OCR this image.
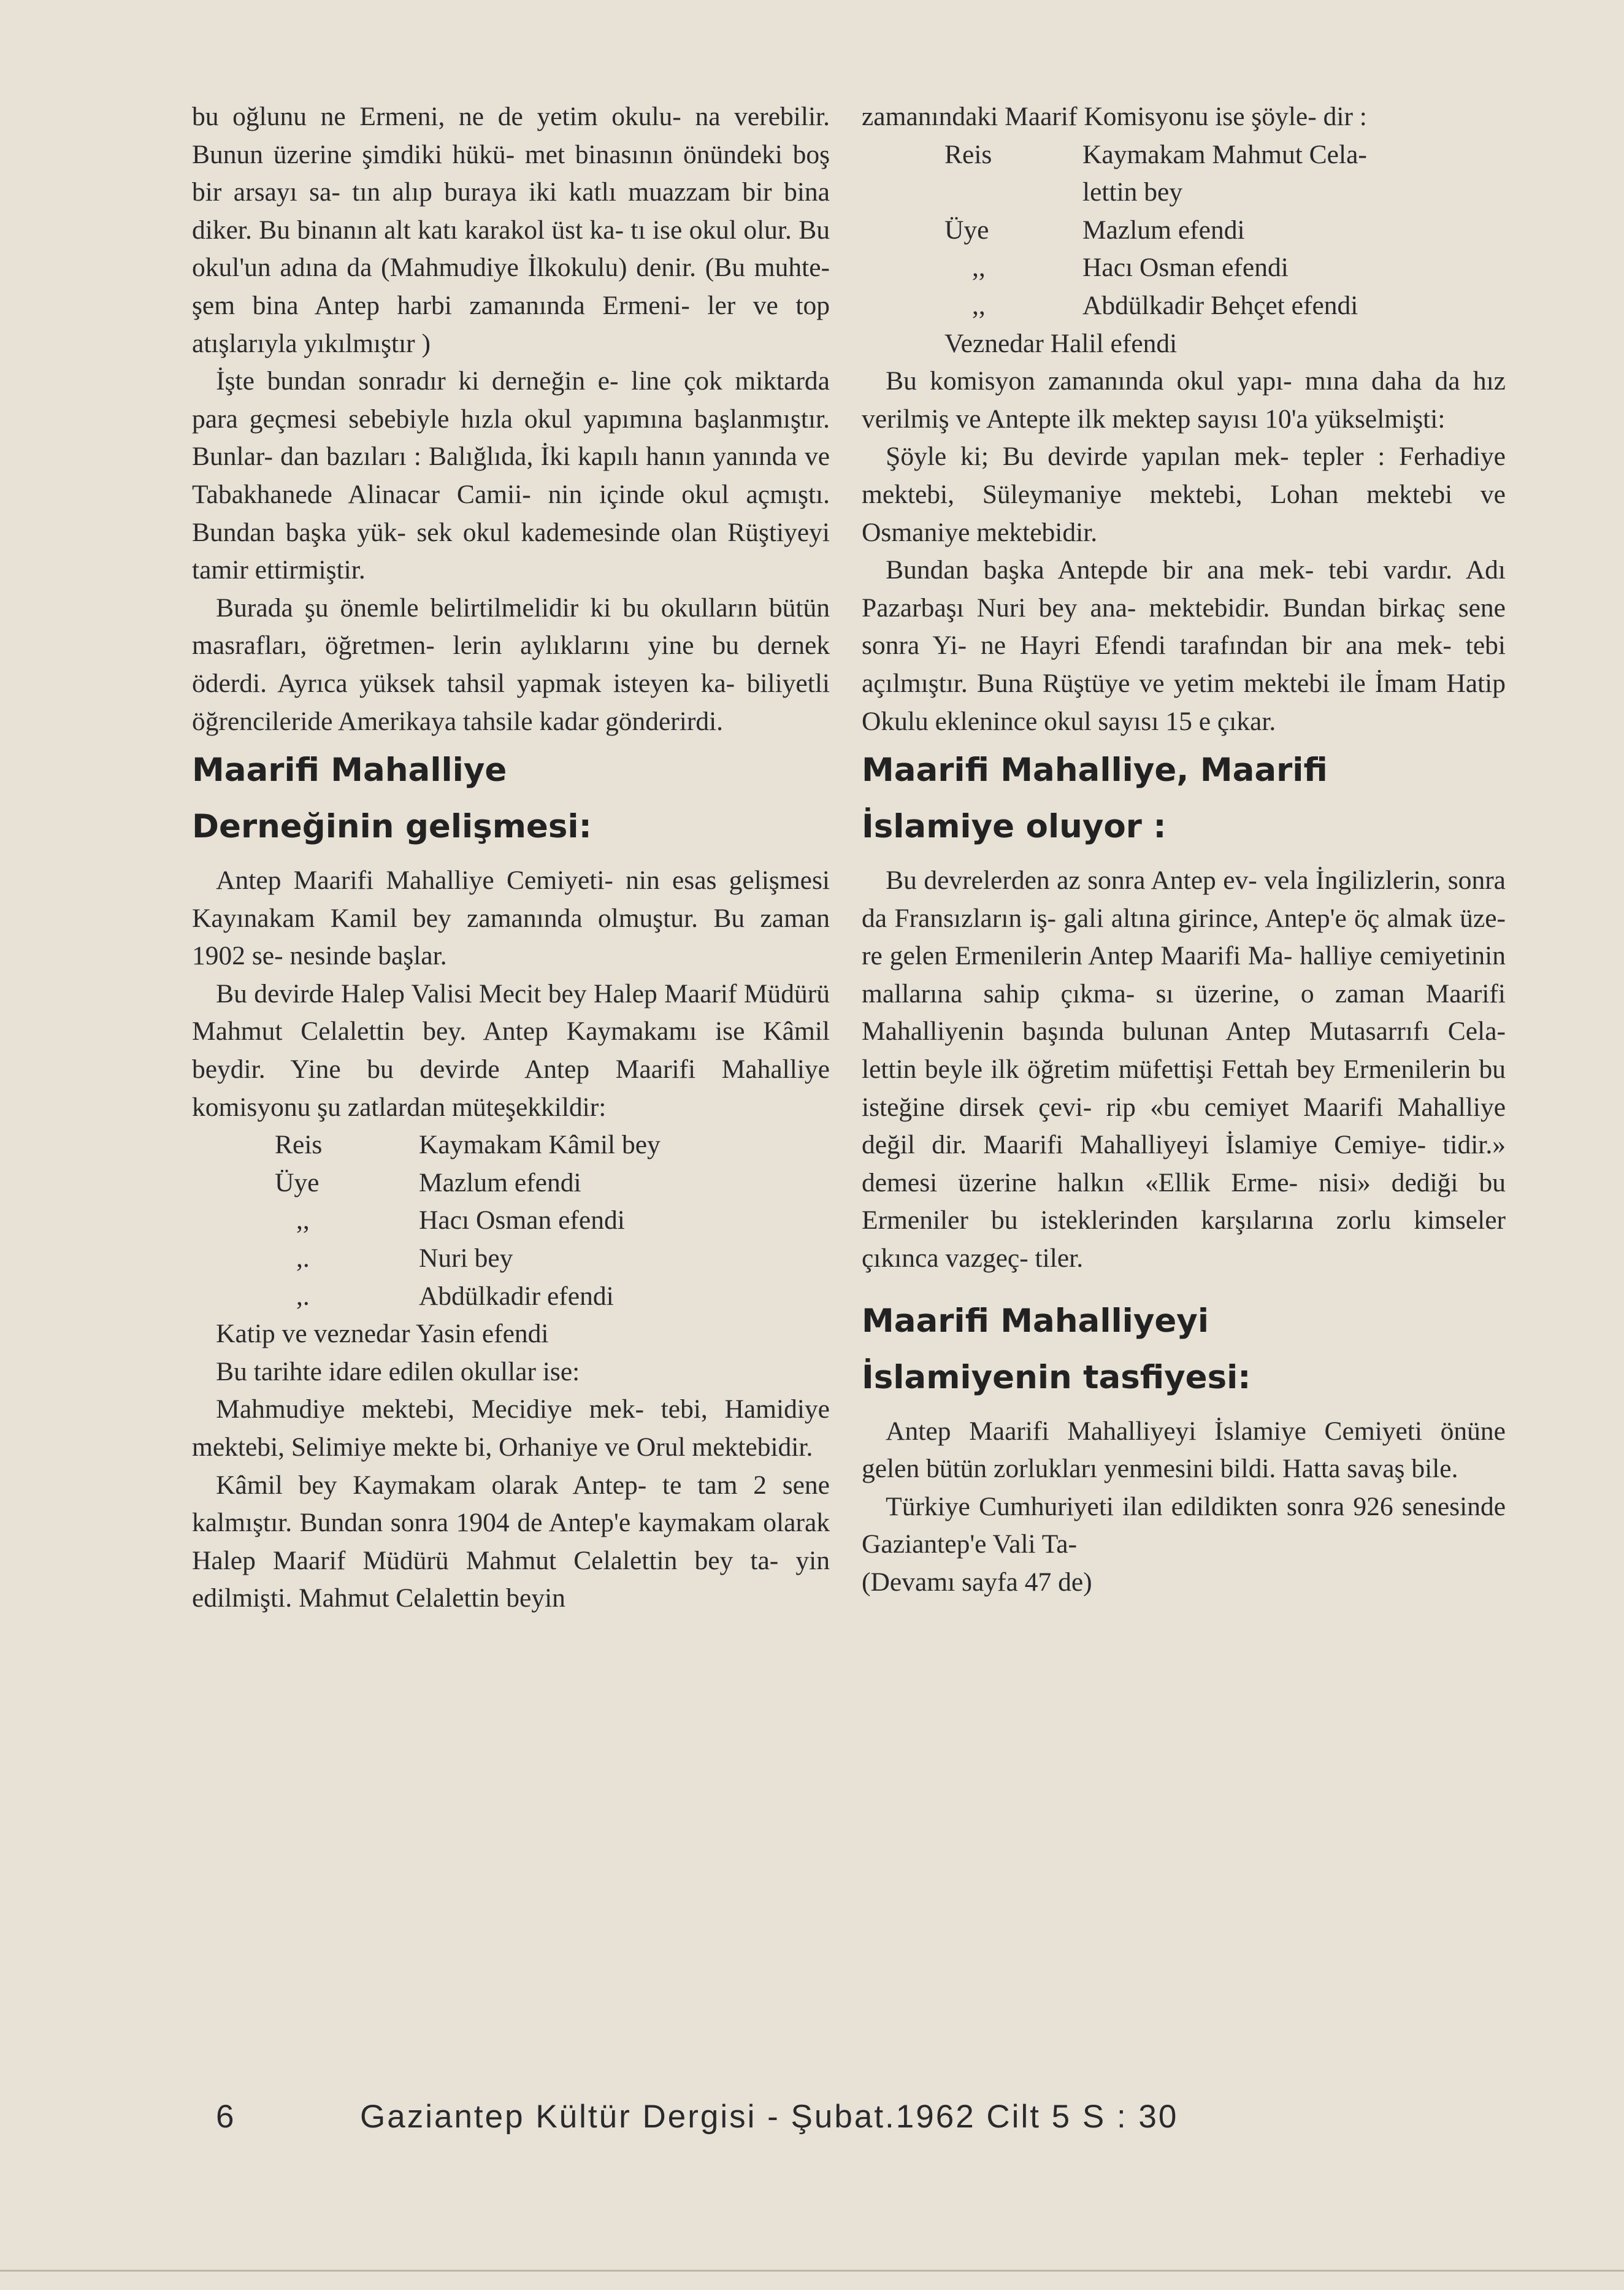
bu oğlunu ne Ermeni, ne de yetim okulu- na verebilir. Bunun üzerine şimdiki hükü- met binasının önündeki boş bir arsayı sa- tın alıp buraya iki katlı muazzam bir bina diker. Bu binanın alt katı karakol üst ka- tı ise okul olur. Bu okul'un adına da (Mahmudiye İlkokulu) denir. (Bu muhte- şem bina Antep harbi zamanında Ermeni- ler ve top atışlarıyla yıkılmıştır )

İşte bundan sonradır ki derneğin e- line çok miktarda para geçmesi sebebiyle hızla okul yapımına başlanmıştır. Bunlar- dan bazıları : Balığlıda, İki kapılı hanın yanında ve Tabakhanede Alinacar Camii- nin içinde okul açmıştı. Bundan başka yük- sek okul kademesinde olan Rüştiyeyi tamir ettirmiştir.

Burada şu önemle belirtilmelidir ki bu okulların bütün masrafları, öğretmen- lerin aylıklarını yine bu dernek öderdi. Ayrıca yüksek tahsil yapmak isteyen ka- biliyetli öğrencileride Amerikaya tahsile kadar gönderirdi.

Maarifi Mahalliye
Derneğinin gelişmesi:

Antep Maarifi Mahalliye Cemiyeti- nin esas gelişmesi Kayınakam Kamil bey zamanında olmuştur. Bu zaman 1902 se- nesinde başlar.

Bu devirde Halep Valisi Mecit bey Halep Maarif Müdürü Mahmut Celalettin bey. Antep Kaymakamı ise Kâmil beydir. Yine bu devirde Antep Maarifi Mahalliye komisyonu şu zatlardan müteşekkildir:

Reis	Kaymakam Kâmil bey
Üye	Mazlum efendi
,,	Hacı Osman efendi
,.	Nuri bey
,.	Abdülkadir efendi

Katip ve veznedar Yasin efendi

Bu tarihte idare edilen okullar ise:

Mahmudiye mektebi, Mecidiye mek- tebi, Hamidiye mektebi, Selimiye mekte bi, Orhaniye ve Orul mektebidir.

Kâmil bey Kaymakam olarak Antep- te tam 2 sene kalmıştır. Bundan sonra 1904 de Antep'e kaymakam olarak Halep Maarif Müdürü Mahmut Celalettin bey ta- yin edilmişti. Mahmut Celalettin beyin

zamanındaki Maarif Komisyonu ise şöyle- dir :

Reis	Kaymakam Mahmut Cela-
lettin bey
Üye	Mazlum efendi
,,	Hacı Osman efendi
,,	Abdülkadir Behçet efendi

Veznedar Halil efendi

Bu komisyon zamanında okul yapı- mına daha da hız verilmiş ve Antepte ilk mektep sayısı 10'a yükselmişti:

Şöyle ki; Bu devirde yapılan mek- tepler : Ferhadiye mektebi, Süleymaniye mektebi, Lohan mektebi ve Osmaniye mektebidir.

Bundan başka Antepde bir ana mek- tebi vardır. Adı Pazarbaşı Nuri bey ana- mektebidir. Bundan birkaç sene sonra Yi- ne Hayri Efendi tarafından bir ana mek- tebi açılmıştır. Buna Rüştüye ve yetim mektebi ile İmam Hatip Okulu eklenince okul sayısı 15 e çıkar.

Maarifi Mahalliye, Maarifi
İslamiye oluyor :

Bu devrelerden az sonra Antep ev- vela İngilizlerin, sonra da Fransızların iş- gali altına girince, Antep'e öç almak üze- re gelen Ermenilerin Antep Maarifi Ma- halliye cemiyetinin mallarına sahip çıkma- sı üzerine, o zaman Maarifi Mahalliyenin başında bulunan Antep Mutasarrıfı Cela- lettin beyle ilk öğretim müfettişi Fettah bey Ermenilerin bu isteğine dirsek çevi- rip «bu cemiyet Maarifi Mahalliye değil dir. Maarifi Mahalliyeyi İslamiye Cemiye- tidir.» demesi üzerine halkın «Ellik Erme- nisi» dediği bu Ermeniler bu isteklerinden karşılarına zorlu kimseler çıkınca vazgeç- tiler.

Maarifi Mahalliyeyi
İslamiyenin tasfiyesi:

Antep Maarifi Mahalliyeyi İslamiye Cemiyeti önüne gelen bütün zorlukları yenmesini bildi. Hatta savaş bile.

Türkiye Cumhuriyeti ilan edildikten sonra 926 senesinde Gaziantep'e Vali Ta-

(Devamı sayfa 47 de)

6	Gaziantep Kültür Dergisi - Şubat.1962 Cilt 5 S : 30
